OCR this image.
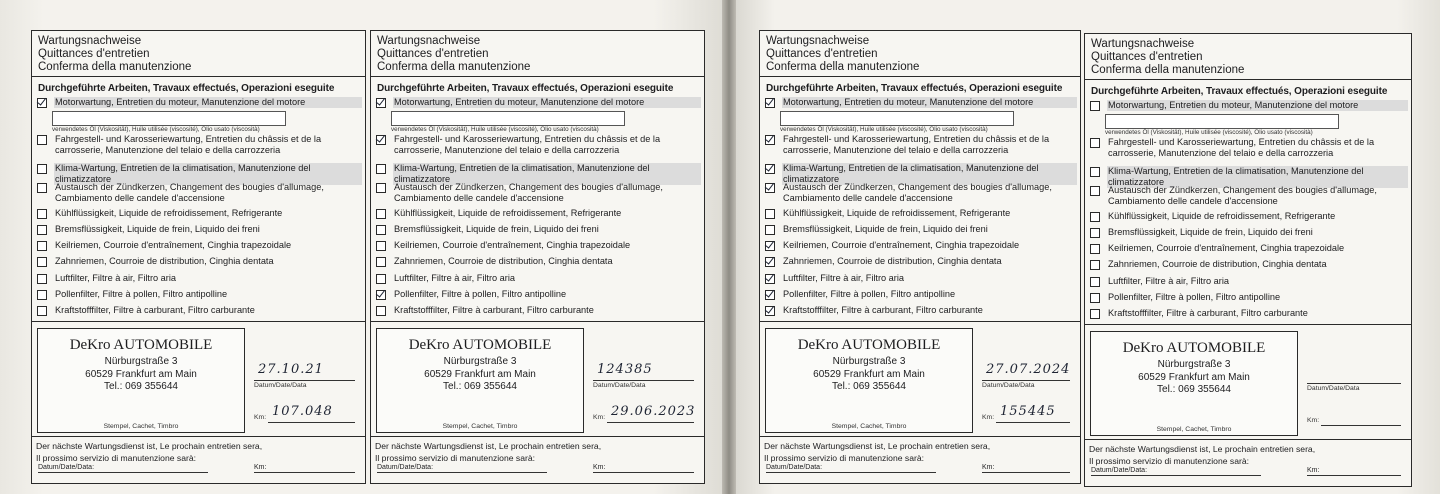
Wartungsnachweise
Quittances d'entretien
Conferma della manutenzione
Durchgeführte Arbeiten, Travaux effectués, Operazioni eseguite
Motorwartung, Entretien du moteur, Manutenzione del motore
verwendetes Öl (Viskosität), Huile utilisée (viscosité), Olio usato (viscosità)
Fahrgestell- und Karosseriewartung, Entretien du châssis et de la carrosserie, Manutenzione del telaio e della carrozzeria
Klima-Wartung, Entretien de la climatisation, Manutenzione del climatizzatore
Austausch der Zündkerzen, Changement des bougies d'allumage, Cambiamento delle candele d'accensione
Kühlflüssigkeit, Liquide de refroidissement, Refrigerante
Bremsflüssigkeit, Liquide de frein, Liquido dei freni
Keilriemen, Courroie d'entraînement, Cinghia trapezoidale
Zahnriemen, Courroie de distribution, Cinghia dentata
Luftfilter, Filtre à air, Filtro aria
Pollenfilter, Filtre à pollen, Filtro antipolline
Kraftstofffilter, Filtre à carburant, Filtro carburante
DeKro AUTOMOBILE
Nürburgstraße 3
60529 Frankfurt am Main
Tel.: 069 355644
Stempel, Cachet, Timbro
Datum/Date/Data
27.10.21
Km: 107.048
Der nächste Wartungsdienst ist, Le prochain entretien sera,
Il prossimo servizio di manutenzione sarà:
Datum/Date/Data:	Km:
Wartungsnachweise
Quittances d'entretien
Conferma della manutenzione
Durchgeführte Arbeiten, Travaux effectués, Operazioni eseguite
Motorwartung, Entretien du moteur, Manutenzione del motore
verwendetes Öl (Viskosität), Huile utilisée (viscosité), Olio usato (viscosità)
Fahrgestell- und Karosseriewartung, Entretien du châssis et de la carrosserie, Manutenzione del telaio e della carrozzeria
Klima-Wartung, Entretien de la climatisation, Manutenzione del climatizzatore
Austausch der Zündkerzen, Changement des bougies d'allumage, Cambiamento delle candele d'accensione
Kühlflüssigkeit, Liquide de refroidissement, Refrigerante
Bremsflüssigkeit, Liquide de frein, Liquido dei freni
Keilriemen, Courroie d'entraînement, Cinghia trapezoidale
Zahnriemen, Courroie de distribution, Cinghia dentata
Luftfilter, Filtre à air, Filtro aria
Pollenfilter, Filtre à pollen, Filtro antipolline
Kraftstofffilter, Filtre à carburant, Filtro carburante
DeKro AUTOMOBILE
Nürburgstraße 3
60529 Frankfurt am Main
Tel.: 069 355644
Stempel, Cachet, Timbro
Datum/Date/Data
124385
Km: 29.06.2023
Der nächste Wartungsdienst ist, Le prochain entretien sera,
Il prossimo servizio di manutenzione sarà:
Datum/Date/Data:	Km:
Wartungsnachweise
Quittances d'entretien
Conferma della manutenzione
Durchgeführte Arbeiten, Travaux effectués, Operazioni eseguite
Motorwartung, Entretien du moteur, Manutenzione del motore
verwendetes Öl (Viskosität), Huile utilisée (viscosité), Olio usato (viscosità)
Fahrgestell- und Karosseriewartung, Entretien du châssis et de la carrosserie, Manutenzione del telaio e della carrozzeria
Klima-Wartung, Entretien de la climatisation, Manutenzione del climatizzatore
Austausch der Zündkerzen, Changement des bougies d'allumage, Cambiamento delle candele d'accensione
Kühlflüssigkeit, Liquide de refroidissement, Refrigerante
Bremsflüssigkeit, Liquide de frein, Liquido dei freni
Keilriemen, Courroie d'entraînement, Cinghia trapezoidale
Zahnriemen, Courroie de distribution, Cinghia dentata
Luftfilter, Filtre à air, Filtro aria
Pollenfilter, Filtre à pollen, Filtro antipolline
Kraftstofffilter, Filtre à carburant, Filtro carburante
DeKro AUTOMOBILE
Nürburgstraße 3
60529 Frankfurt am Main
Tel.: 069 355644
Stempel, Cachet, Timbro
Datum/Date/Data
27.07.2024
Km: 155445
Der nächste Wartungsdienst ist, Le prochain entretien sera,
Il prossimo servizio di manutenzione sarà:
Datum/Date/Data:	Km:
Wartungsnachweise
Quittances d'entretien
Conferma della manutenzione
Durchgeführte Arbeiten, Travaux effectués, Operazioni eseguite
Motorwartung, Entretien du moteur, Manutenzione del motore
verwendetes Öl (Viskosität), Huile utilisée (viscosité), Olio usato (viscosità)
Fahrgestell- und Karosseriewartung, Entretien du châssis et de la carrosserie, Manutenzione del telaio e della carrozzeria
Klima-Wartung, Entretien de la climatisation, Manutenzione del climatizzatore
Austausch der Zündkerzen, Changement des bougies d'allumage, Cambiamento delle candele d'accensione
Kühlflüssigkeit, Liquide de refroidissement, Refrigerante
Bremsflüssigkeit, Liquide de frein, Liquido dei freni
Keilriemen, Courroie d'entraînement, Cinghia trapezoidale
Zahnriemen, Courroie de distribution, Cinghia dentata
Luftfilter, Filtre à air, Filtro aria
Pollenfilter, Filtre à pollen, Filtro antipolline
Kraftstofffilter, Filtre à carburant, Filtro carburante
DeKro AUTOMOBILE
Nürburgstraße 3
60529 Frankfurt am Main
Tel.: 069 355644
Stempel, Cachet, Timbro
Datum/Date/Data
Km:
Der nächste Wartungsdienst ist, Le prochain entretien sera,
Il prossimo servizio di manutenzione sarà:
Datum/Date/Data:	Km:
